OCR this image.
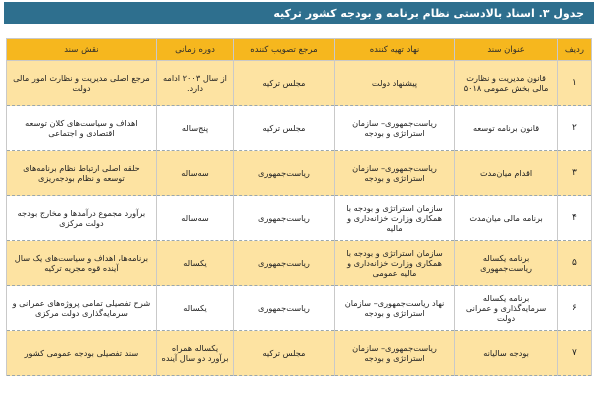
جدول ۳. اسناد بالادستی نظام برنامه و بودجه کشور ترکیه
ردیف	عنوان سند	نهاد تهیه کننده	مرجع تصویب کننده	دوره زمانی	نقش سند
۱	قانون مدیریت و نظارت مالی بخش عمومی ۵۰۱۸	پیشنهاد دولت	مجلس ترکیه	از سال ۲۰۰۳ ادامه دارد.	مرجع اصلی مدیریت و نظارت امور مالی دولت
۲	قانون برنامه توسعه	ریاست‌جمهوری– سازمان استراتژی و بودجه	مجلس ترکیه	پنج‌ساله	اهداف و سیاست‌های کلان توسعه اقتصادی و اجتماعی
۳	اقدام میان‌مدت	ریاست‌جمهوری– سازمان استراتژی و بودجه	ریاست‌جمهوری	سه‌ساله	حلقه اصلی ارتباط نظام برنامه‌های توسعه و نظام بودجه‌ریزی
۴	برنامه مالی میان‌مدت	سازمان استراتژی و بودجه با همکاری وزارت خزانه‌داری و مالیه	ریاست‌جمهوری	سه‌ساله	برآورد مجموع درآمدها و مخارج بودجه دولت مرکزی
۵	برنامه یکساله ریاست‌جمهوری	سازمان استراتژی و بودجه با همکاری وزارت خزانه‌داری و مالیه عمومی	ریاست‌جمهوری	یکساله	برنامه‌ها، اهداف و سیاست‌های یک سال آینده قوه مجریه ترکیه
۶	برنامه یکساله سرمایه‌گذاری و عمرانی دولت	نهاد ریاست‌جمهوری– سازمان استراتژی و بودجه	ریاست‌جمهوری	یکساله	شرح تفصیلی تمامی پروژه‌های عمرانی و سرمایه‌گذاری دولت مرکزی
۷	بودجه سالیانه	ریاست‌جمهوری– سازمان استراتژی و بودجه	مجلس ترکیه	یکساله همراه برآورد دو سال آینده	سند تفصیلی بودجه عمومی کشور
